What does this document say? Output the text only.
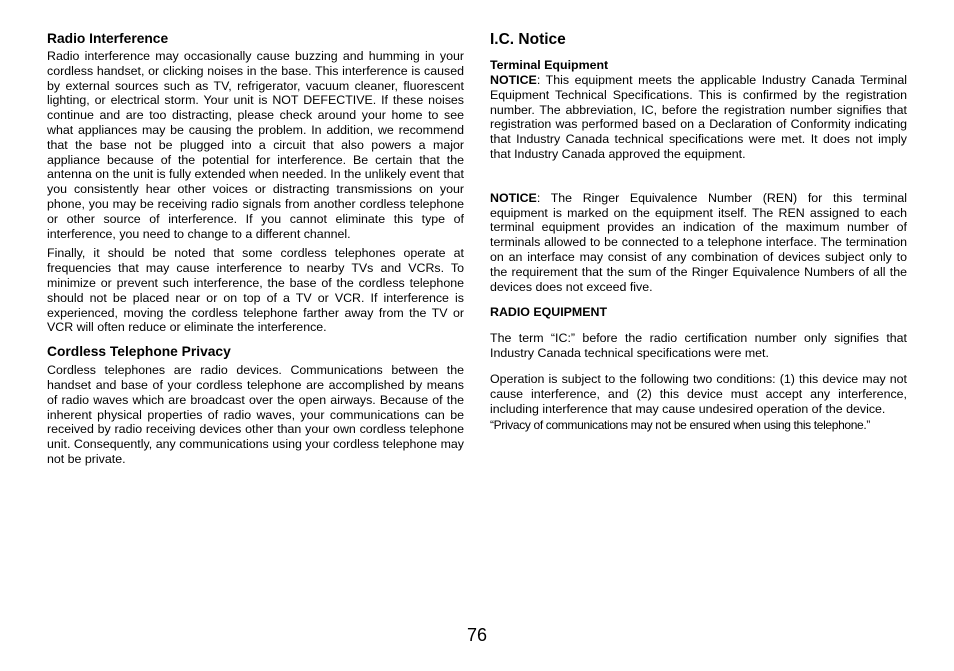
Radio Interference

Radio interference may occasionally cause buzzing and humming in your cordless handset, or clicking noises in the base. This interference is caused by external sources such as TV, refrigerator, vacuum cleaner, fluorescent lighting, or electrical storm. Your unit is NOT DEFECTIVE. If these noises continue and are too distracting, please check around your home to see what appliances may be causing the problem. In addition, we recommend that the base not be plugged into a circuit that also powers a major appliance because of the potential for interference. Be certain that the antenna on the unit is fully extended when needed. In the unlikely event that you consistently hear other voices or distracting transmissions on your phone, you may be receiving radio signals from another cordless telephone or other source of interference. If you cannot eliminate this type of interference, you need to change to a different channel.

Finally, it should be noted that some cordless telephones operate at frequencies that may cause interference to nearby TVs and VCRs. To minimize or prevent such interference, the base of the cordless telephone should not be placed near or on top of a TV or VCR. If interference is experienced, moving the cordless telephone farther away from the TV or VCR will often reduce or eliminate the interference.

Cordless Telephone Privacy

Cordless telephones are radio devices. Communications between the handset and base of your cordless telephone are accomplished by means of radio waves which are broadcast over the open airways. Because of the inherent physical properties of radio waves, your communications can be received by radio receiving devices other than your own cordless telephone unit. Consequently, any communications using your cordless telephone may not be private.

I.C. Notice
Terminal Equipment

NOTICE: This equipment meets the applicable Industry Canada Terminal Equipment Technical Specifications. This is confirmed by the registration number. The abbreviation, IC, before the registration number signifies that registration was performed based on a Declaration of Conformity indicating that Industry Canada technical specifications were met. It does not imply that Industry Canada approved the equipment.

NOTICE: The Ringer Equivalence Number (REN) for this terminal equipment is marked on the equipment itself. The REN assigned to each terminal equipment provides an indication of the maximum number of terminals allowed to be connected to a telephone interface. The termination on an interface may consist of any combination of devices subject only to the requirement that the sum of the Ringer Equivalence Numbers of all the devices does not exceed five.

RADIO EQUIPMENT

The term “IC:” before the radio certification number only signifies that Industry Canada technical specifications were met.

Operation is subject to the following two conditions: (1) this device may not cause interference, and (2) this device must accept any interference, including interference that may cause undesired operation of the device.

“Privacy of communications may not be ensured when using this telephone.”

76
